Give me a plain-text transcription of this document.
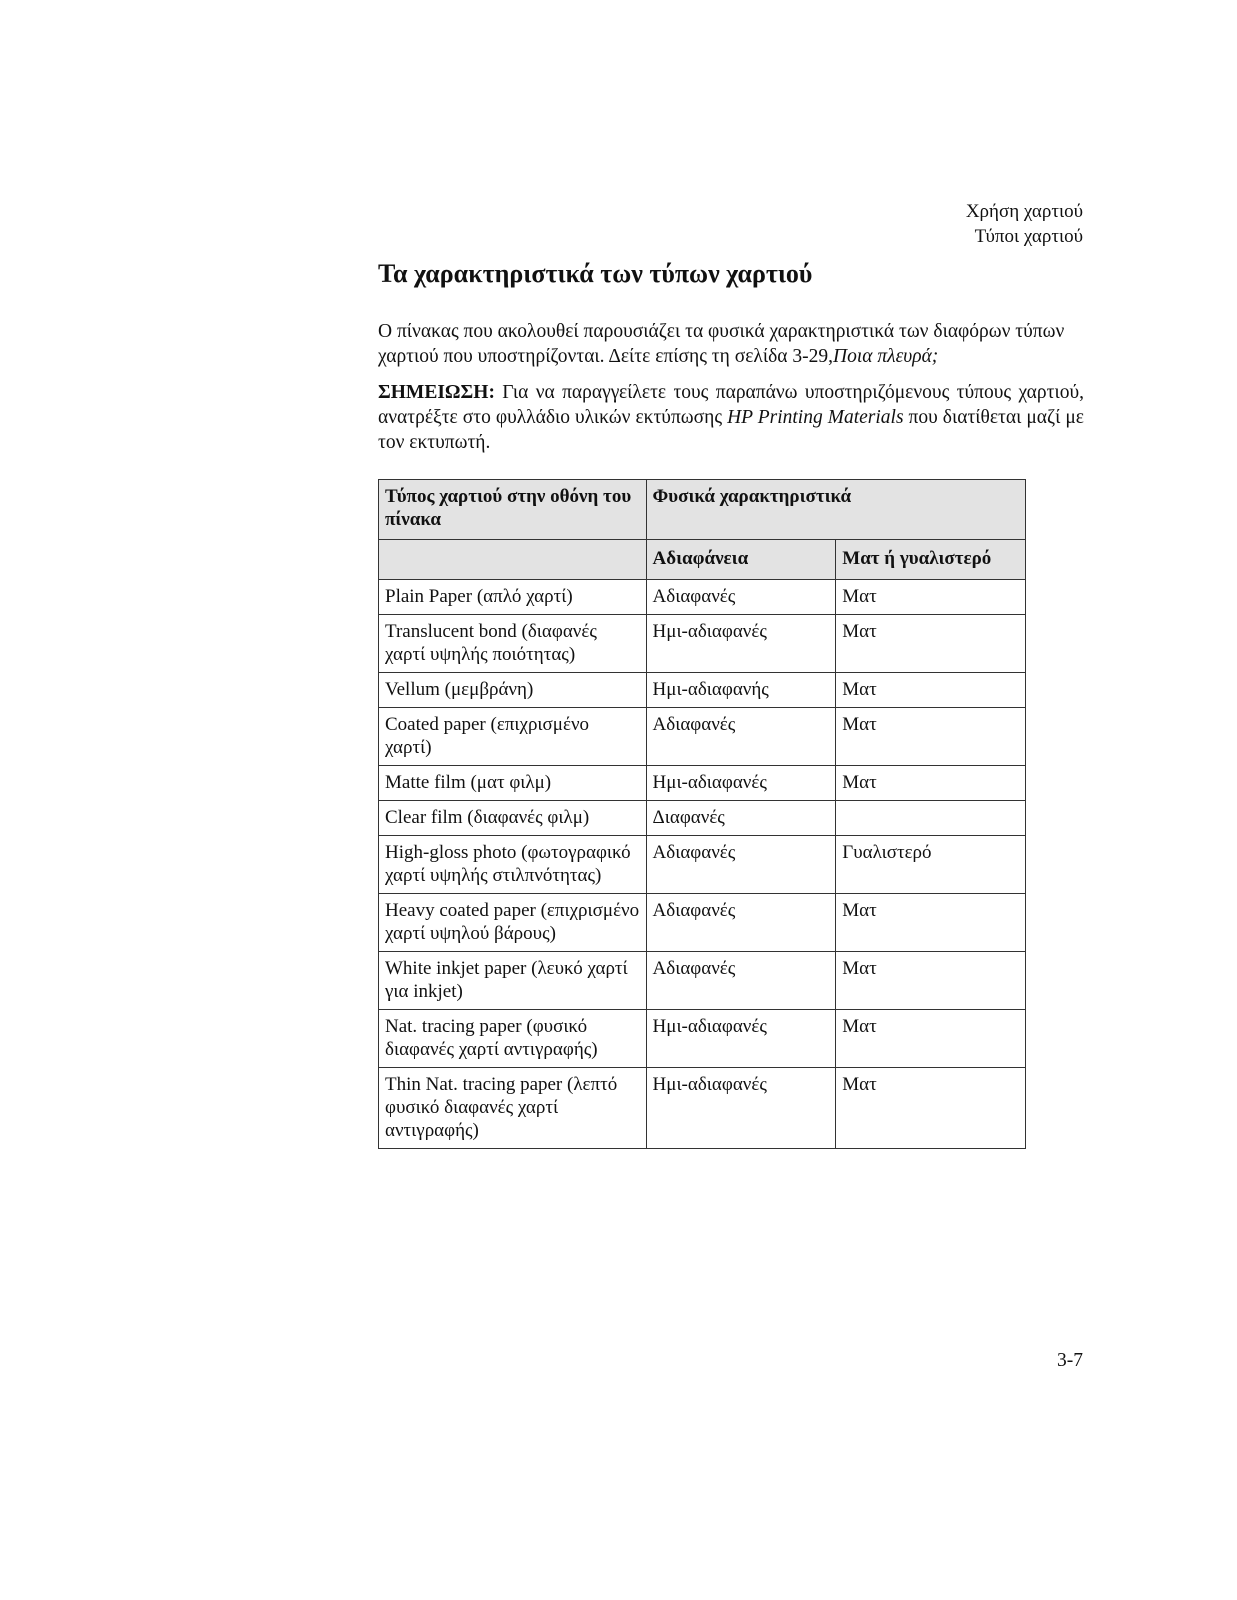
Χρήση χαρτιού
Τύποι χαρτιού
Τα χαρακτηριστικά των τύπων χαρτιού

Ο πίνακας που ακολουθεί παρουσιάζει τα φυσικά χαρακτηριστικά των διαφόρων τύπων χαρτιού που υποστηρίζονται. Δείτε επίσης τη σελίδα 3-29,Ποια πλευρά;

ΣΗΜΕΙΩΣΗ: Για να παραγγείλετε τους παραπάνω υποστηριζόμενους τύπους χαρτιού, ανατρέξτε στο φυλλάδιο υλικών εκτύπωσης HP Printing Materials που διατίθεται μαζί με τον εκτυπωτή.

Τύπος χαρτιού στην οθόνη του πίνακα	Φυσικά χαρακτηριστικά	
	Αδιαφάνεια	Ματ ή γυαλιστερό
Plain Paper (απλό χαρτί)	Αδιαφανές	Ματ
Translucent bond (διαφανές χαρτί υψηλής ποιότητας)	Ημι-αδιαφανές	Ματ
Vellum (μεμβράνη)	Ημι-αδιαφανής	Ματ
Coated paper (επιχρισμένο χαρτί)	Αδιαφανές	Ματ
Matte film (ματ φιλμ)	Ημι-αδιαφανές	Ματ
Clear film (διαφανές φιλμ)	Διαφανές	
High-gloss photo (φωτογραφικό χαρτί υψηλής στιλπνότητας)	Αδιαφανές	Γυαλιστερό
Heavy coated paper (επιχρισμένο χαρτί υψηλού βάρους)	Αδιαφανές	Ματ
White inkjet paper (λευκό χαρτί για inkjet)	Αδιαφανές	Ματ
Nat. tracing paper (φυσικό διαφανές χαρτί αντιγραφής)	Ημι-αδιαφανές	Ματ
Thin Nat. tracing paper (λεπτό φυσικό διαφανές χαρτί αντιγραφής)	Ημι-αδιαφανές	Ματ
3-7
